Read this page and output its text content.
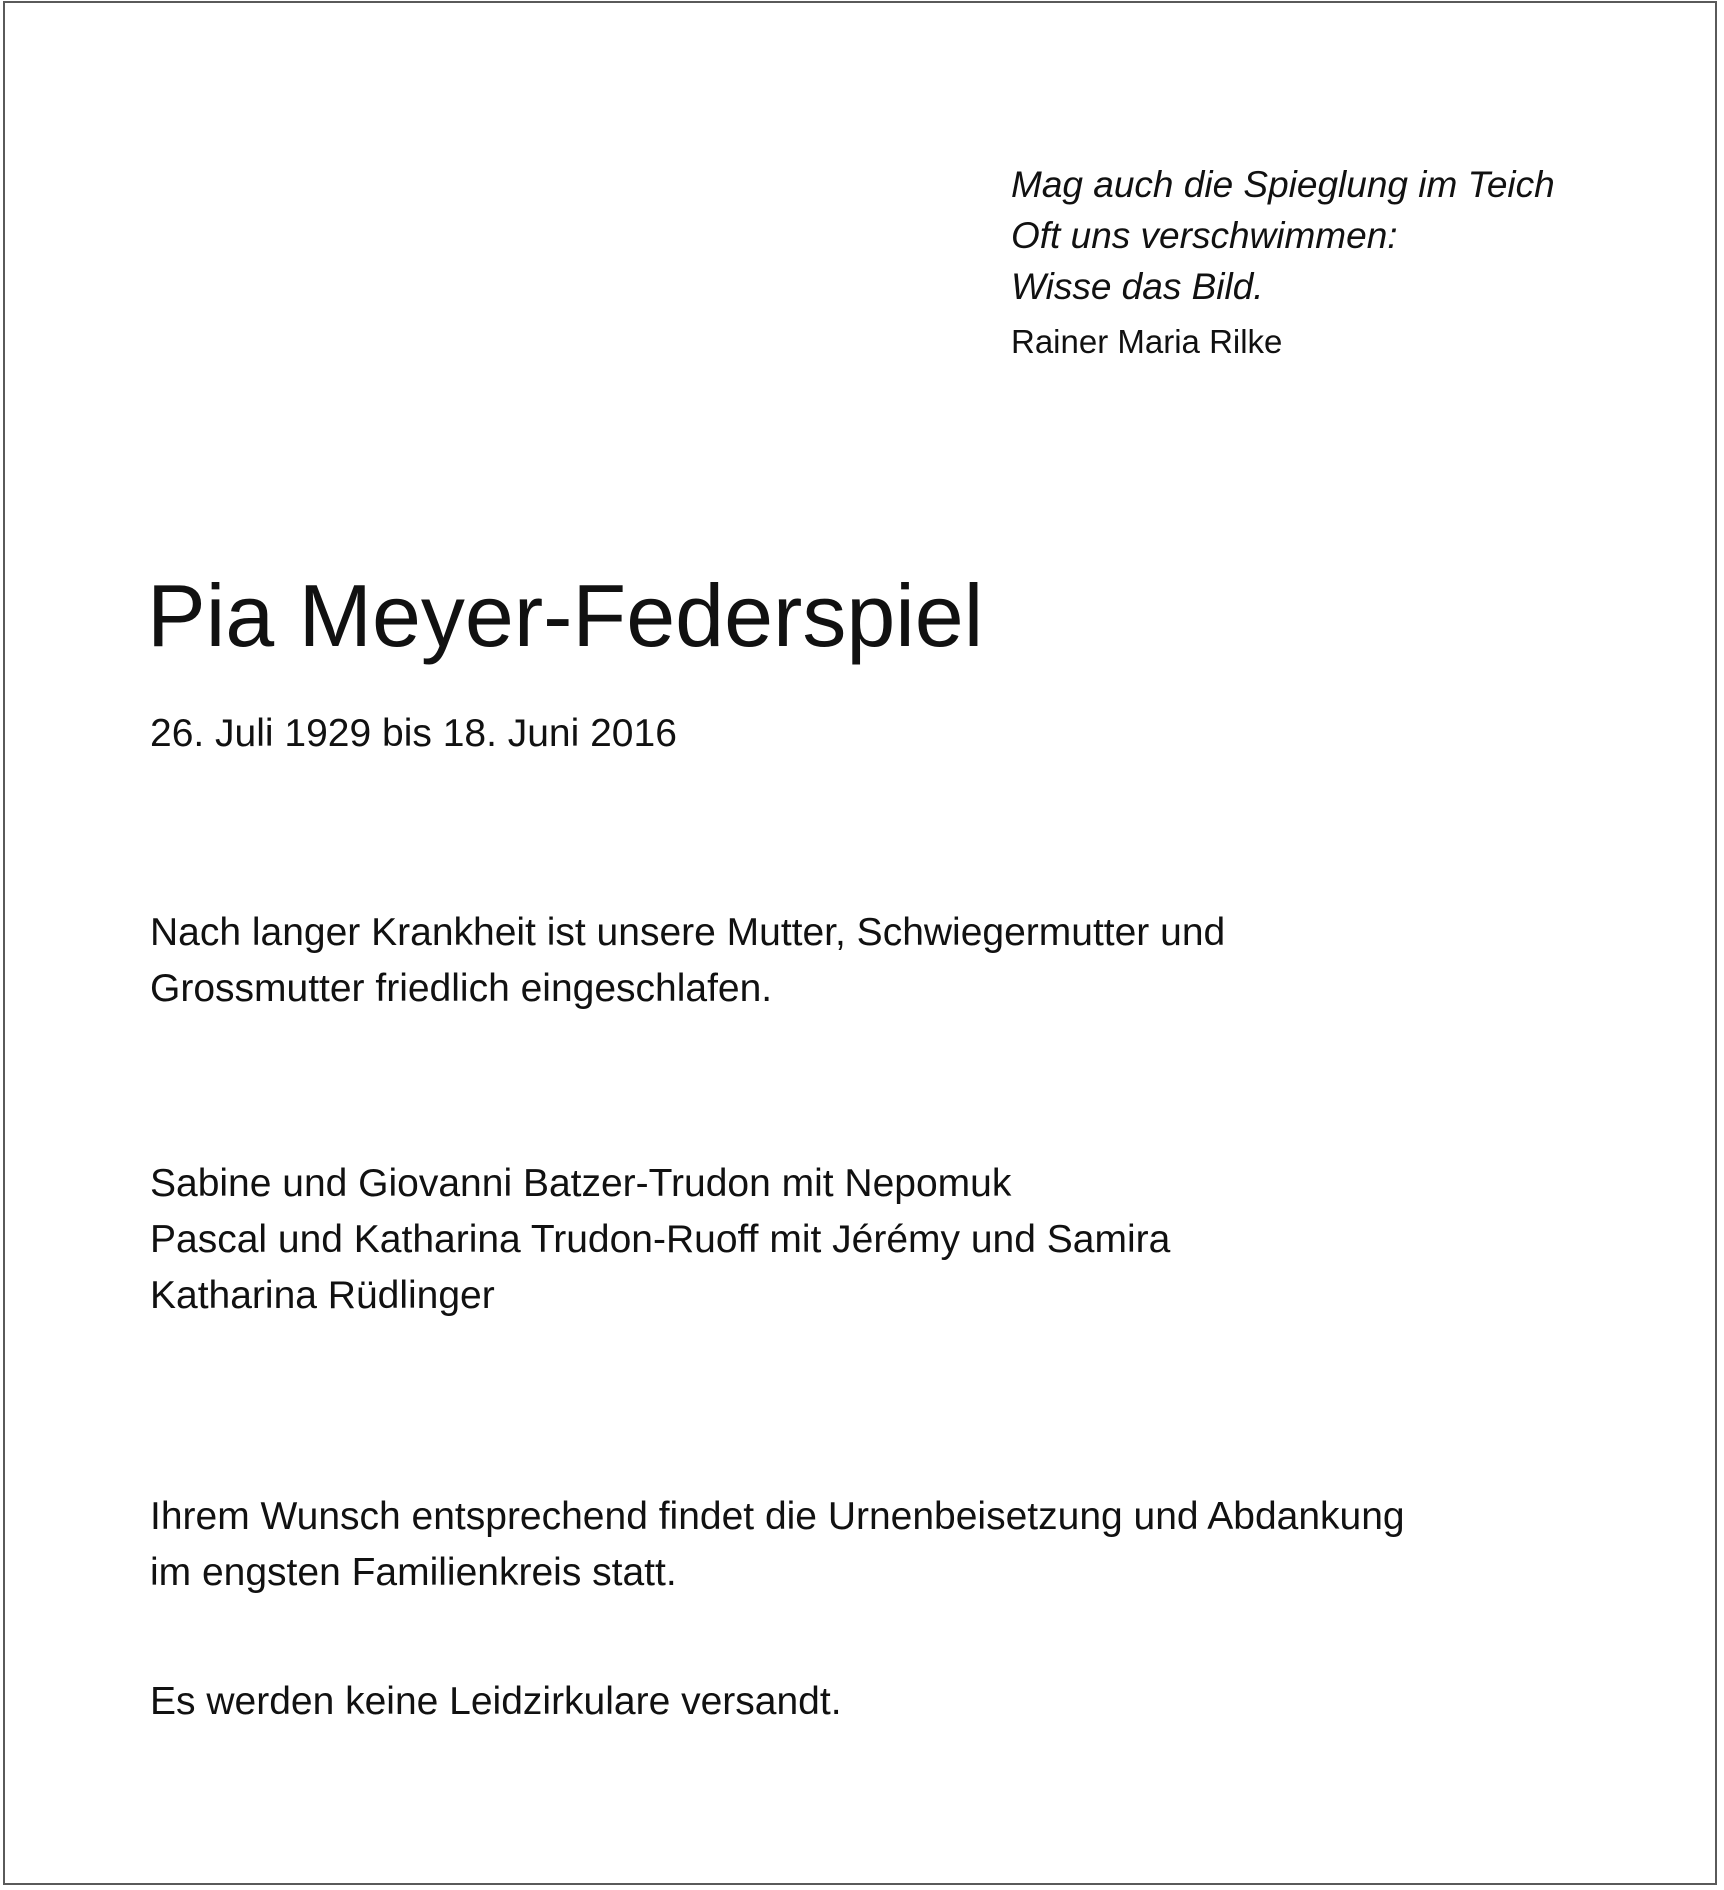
Mag auch die Spieglung im Teich
Oft uns verschwimmen:
Wisse das Bild.
Rainer Maria Rilke
Pia Meyer-Federspiel
26. Juli 1929 bis 18. Juni 2016
Nach langer Krankheit ist unsere Mutter, Schwiegermutter und
Grossmutter friedlich eingeschlafen.
Sabine und Giovanni Batzer-Trudon mit Nepomuk
Pascal und Katharina Trudon-Ruoff mit Jérémy und Samira
Katharina Rüdlinger
Ihrem Wunsch entsprechend findet die Urnenbeisetzung und Abdankung
im engsten Familienkreis statt.
Es werden keine Leidzirkulare versandt.
